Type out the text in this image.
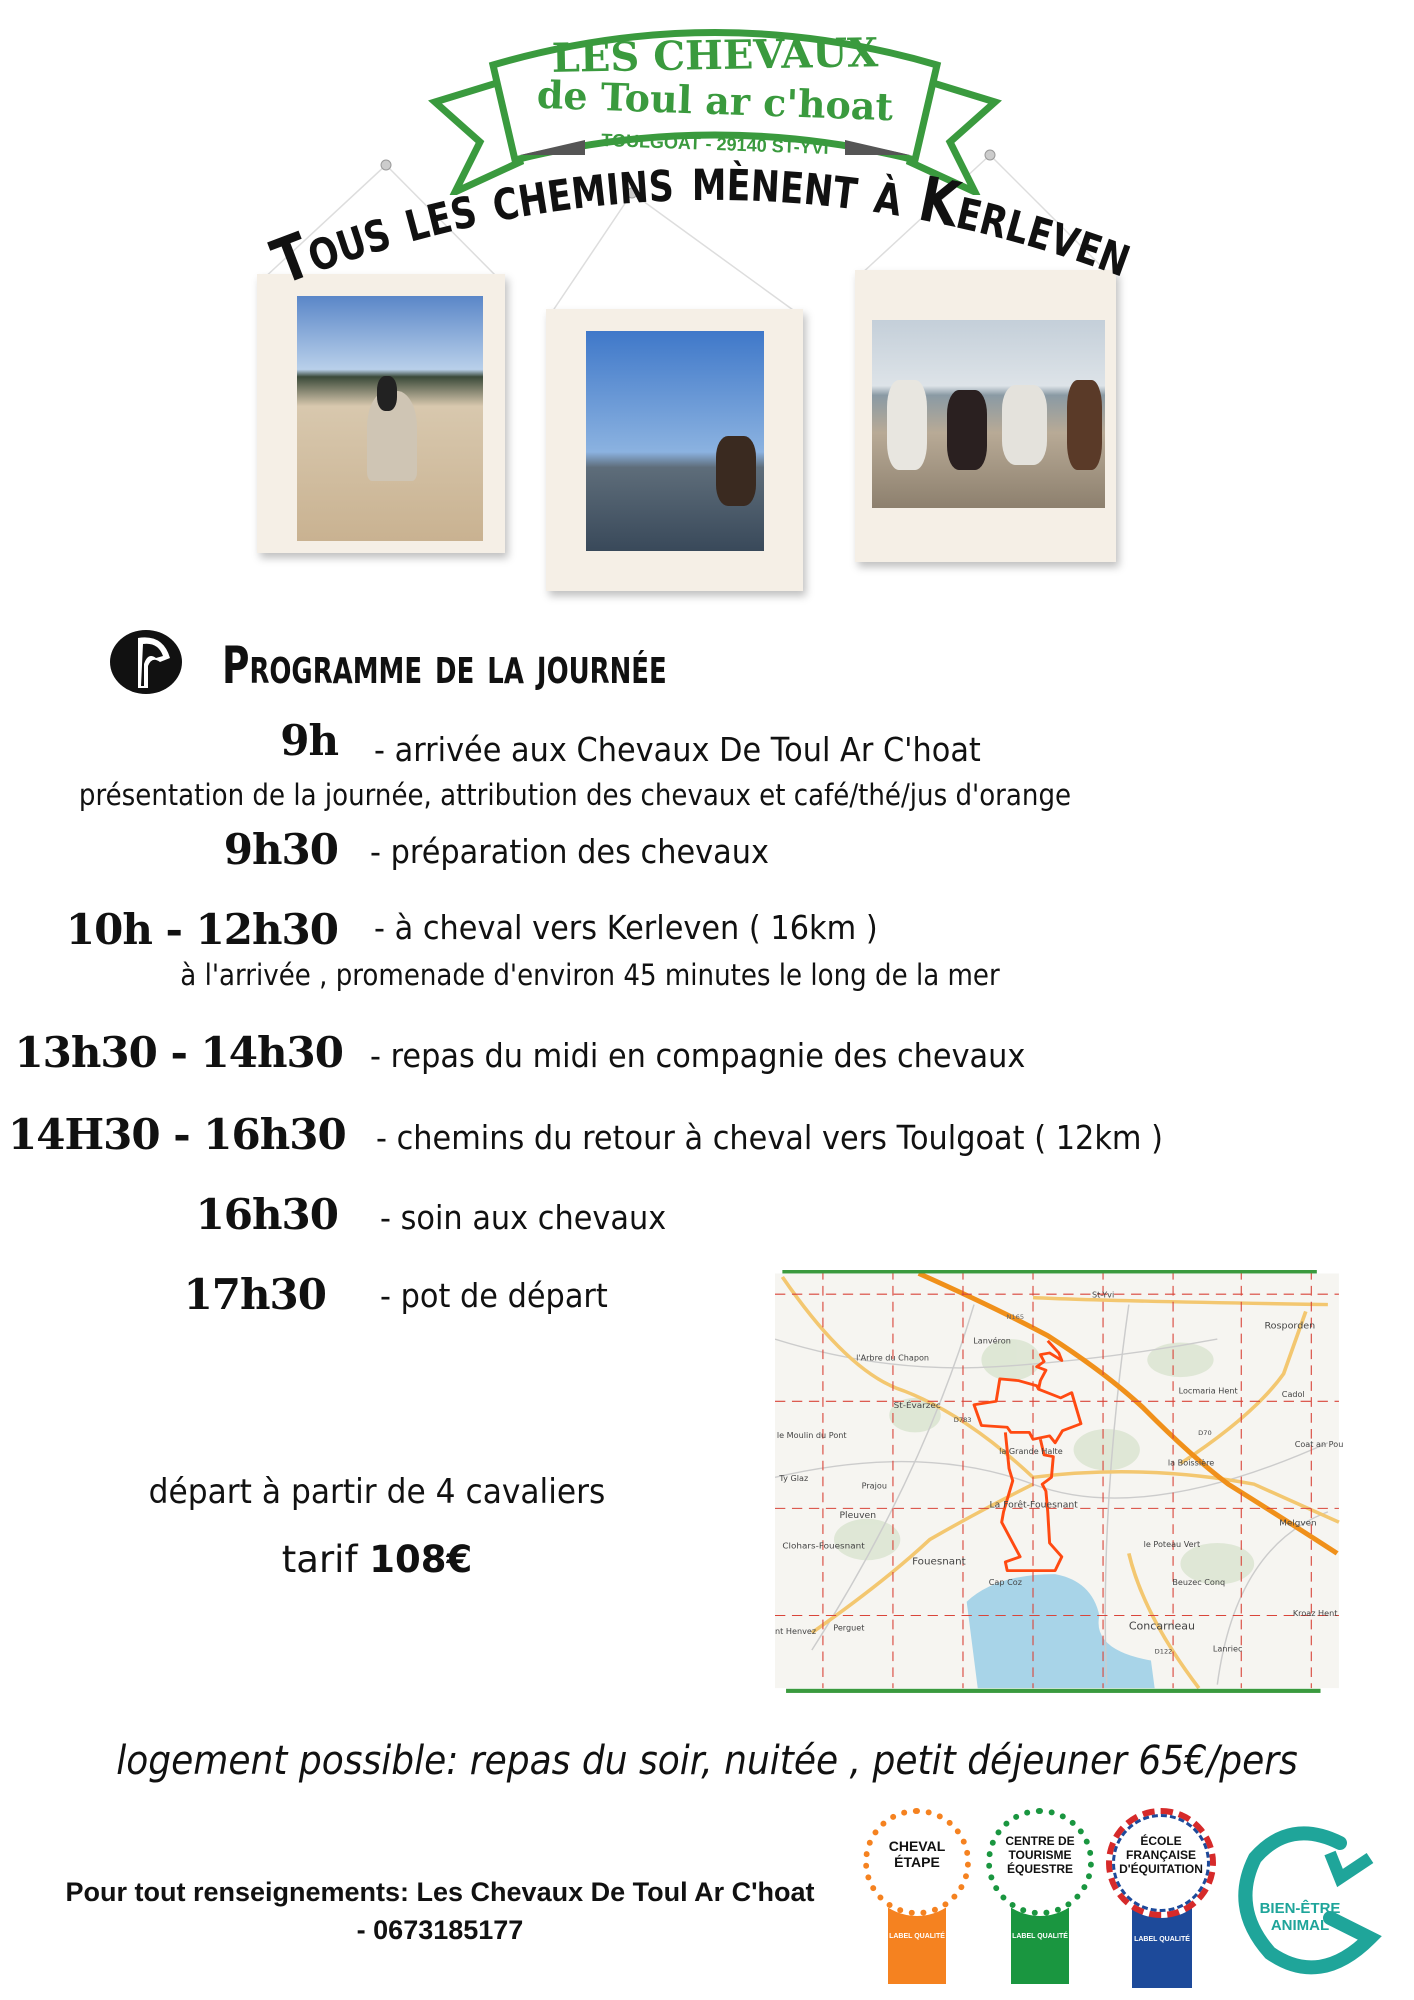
LES CHEVAUX
de Toul ar c'hoat
TOULGOAT - 29140 ST-YVI
Tous les chemins mènent à Kerleven
Programme de la journée
9h - arrivée aux Chevaux De Toul Ar C'hoat
présentation de la journée, attribution des chevaux et café/thé/jus d'orange
9h30 - préparation des chevaux
10h - 12h30 - à cheval vers Kerleven ( 16km )
à l'arrivée , promenade d'environ 45 minutes le long de la mer
13h30 - 14h30 - repas du midi en compagnie des chevaux
14H30 - 16h30 - chemins du retour à cheval vers Toulgoat ( 12km )
16h30 - soin aux chevaux
17h30 - pot de départ
départ à partir de 4 cavaliers
tarif 108€
St-Yvi
Rosporden
Lanvéron
l'Arbre du Chapon
Locmaria Hent Cadol
St-Évarzec
le Moulin du Pont
Coat an Pou
la Grande Halte
la Boissière
Ty Glaz
Prajou
La Forêt-Fouesnant
Pleuven
Melgven
Clohars-Fouesnant	le Poteau Vert
Fouesnant
Cap Coz	Beuzec Conq
Kroaz Hent
Perguet	Concarneau
Lanriec
nt Henvez
N165
D783
D70
D122
logement possible: repas du soir, nuitée , petit déjeuner 65€/pers
Pour tout renseignements: Les Chevaux De Toul Ar C'hoat
- 0673185177
CHEVAL ÉTAPE
LABEL QUALITÉ
CENTRE DE TOURISME ÉQUESTRE
LABEL QUALITÉ
ÉCOLE FRANÇAISE D'ÉQUITATION
LABEL QUALITÉ
BIEN-ÊTRE ANIMAL
